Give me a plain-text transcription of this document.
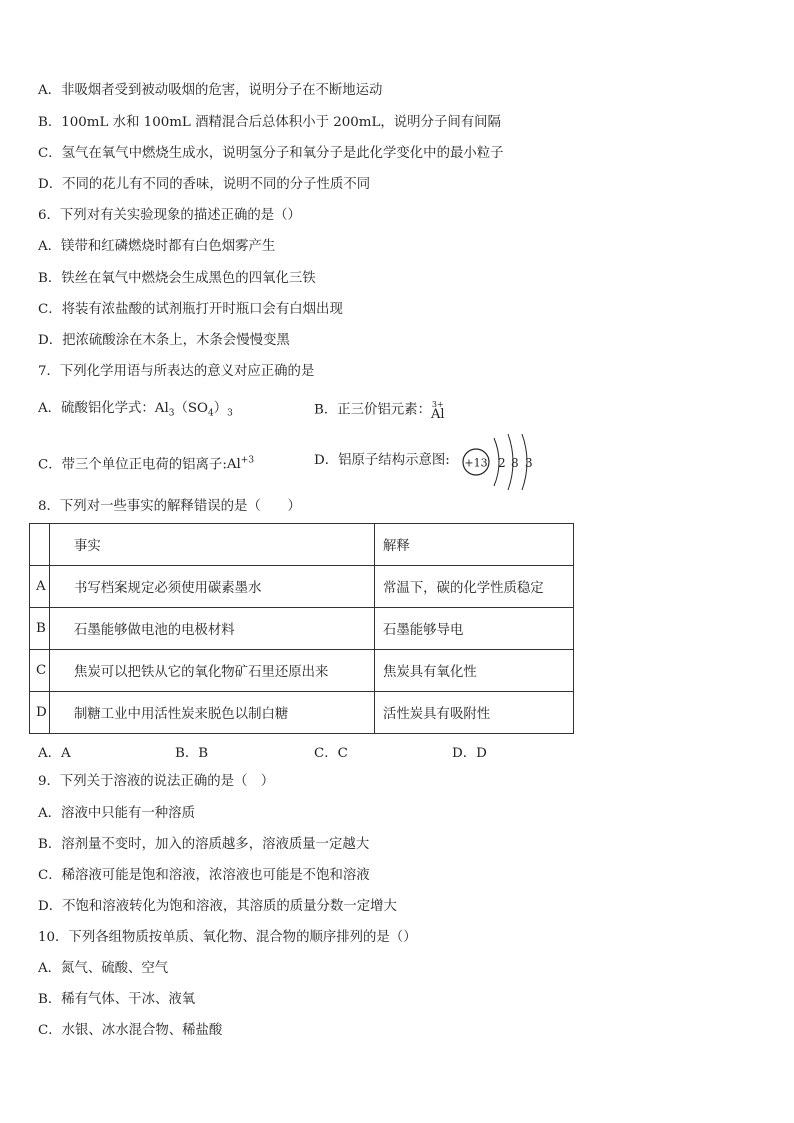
A．非吸烟者受到被动吸烟的危害，说明分子在不断地运动
B．100mL 水和 100mL 酒精混合后总体积小于 200mL，说明分子间有间隔
C．氢气在氧气中燃烧生成水，说明氢分子和氧分子是此化学变化中的最小粒子
D．不同的花儿有不同的香味，说明不同的分子性质不同
6．下列对有关实验现象的描述正确的是（）
A．镁带和红磷燃烧时都有白色烟雾产生
B．铁丝在氧气中燃烧会生成黑色的四氧化三铁
C．将装有浓盐酸的试剂瓶打开时瓶口会有白烟出现
D．把浓硫酸涂在木条上，木条会慢慢变黑
7．下列化学用语与所表达的意义对应正确的是
A．硫酸铝化学式：$Al_3(SO_4)_3$	B．正三价铝元素： 3+
Al
C．带三个单位正电荷的铝离子$:Al^{+3}$	D．铝原子结构示意图: +13 2 8 3
8．下列对一些事实的解释错误的是（　　）
	事实	解释
A	书写档案规定必须使用碳素墨水	常温下，碳的化学性质稳定
B	石墨能够做电池的电极材料	石墨能够导电
C	焦炭可以把铁从它的氧化物矿石里还原出来	焦炭具有氧化性
D	制糖工业中用活性炭来脱色以制白糖	活性炭具有吸附性
A．A	B．B	C．C	D．D
9．下列关于溶液的说法正确的是（　）
A．溶液中只能有一种溶质
B．溶剂量不变时，加入的溶质越多，溶液质量一定越大
C．稀溶液可能是饱和溶液，浓溶液也可能是不饱和溶液
D．不饱和溶液转化为饱和溶液，其溶质的质量分数一定增大
10．下列各组物质按单质、氧化物、混合物的顺序排列的是（）
A．氮气、硫酸、空气
B．稀有气体、干冰、液氧
C．水银、冰水混合物、稀盐酸
